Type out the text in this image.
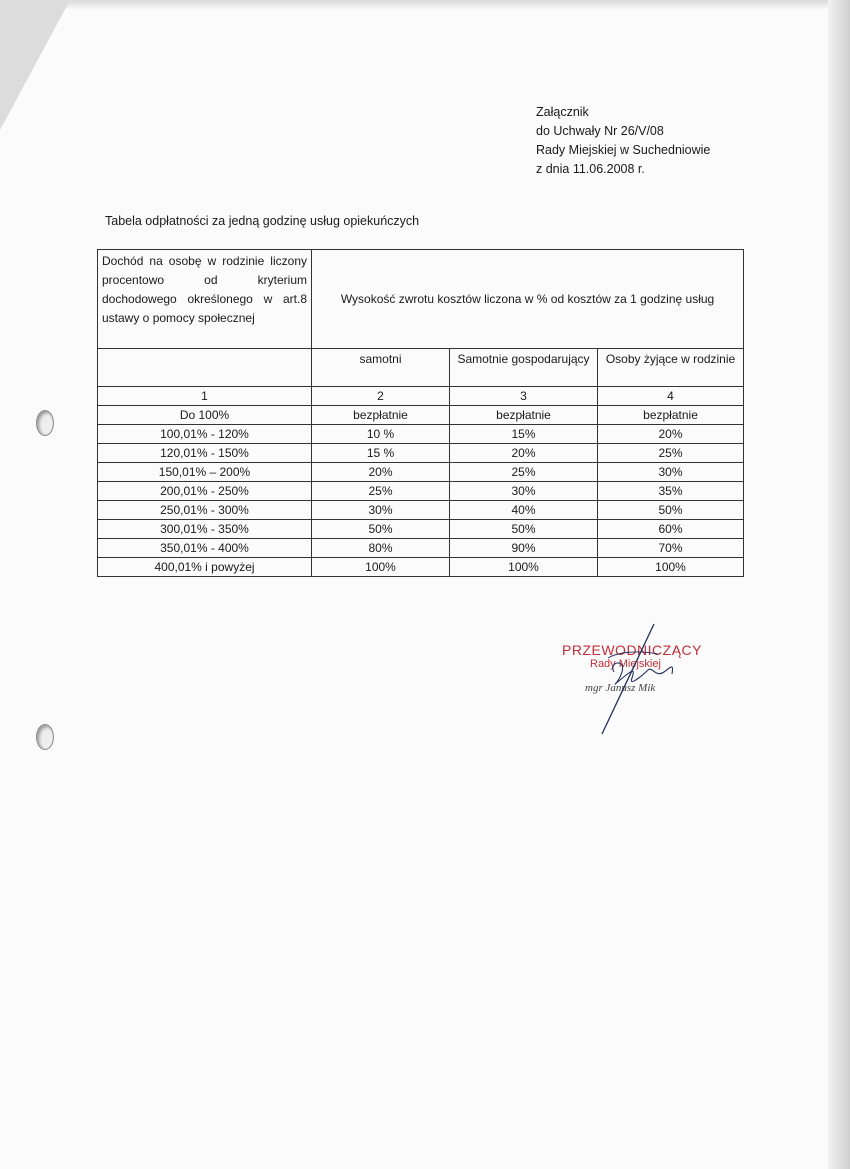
Załącznik
do Uchwały Nr 26/V/08
Rady Miejskiej w Suchedniowie
z dnia 11.06.2008 r.
Tabela odpłatności za jedną godzinę usług opiekuńczych
Dochód na osobę w rodzinie liczony procentowo od kryterium dochodowego określonego w art.8 ustawy o pomocy społecznej	Wysokość zwrotu kosztów liczona w % od kosztów za 1 godzinę usług		
	samotni	Samotnie gospodarujący	Osoby żyjące w rodzinie
1	2	3	4
Do 100%	bezpłatnie	bezpłatnie	bezpłatnie
100,01% - 120%	10 %	15%	20%
120,01% - 150%	15 %	20%	25%
150,01% – 200%	20%	25%	30%
200,01% - 250%	25%	30%	35%
250,01% - 300%	30%	40%	50%
300,01% - 350%	50%	50%	60%
350,01% - 400%	80%	90%	70%
400,01% i powyżej	100%	100%	100%
PRZEWODNICZĄCY
Rady Miejskiej
mgr Janusz Mik
